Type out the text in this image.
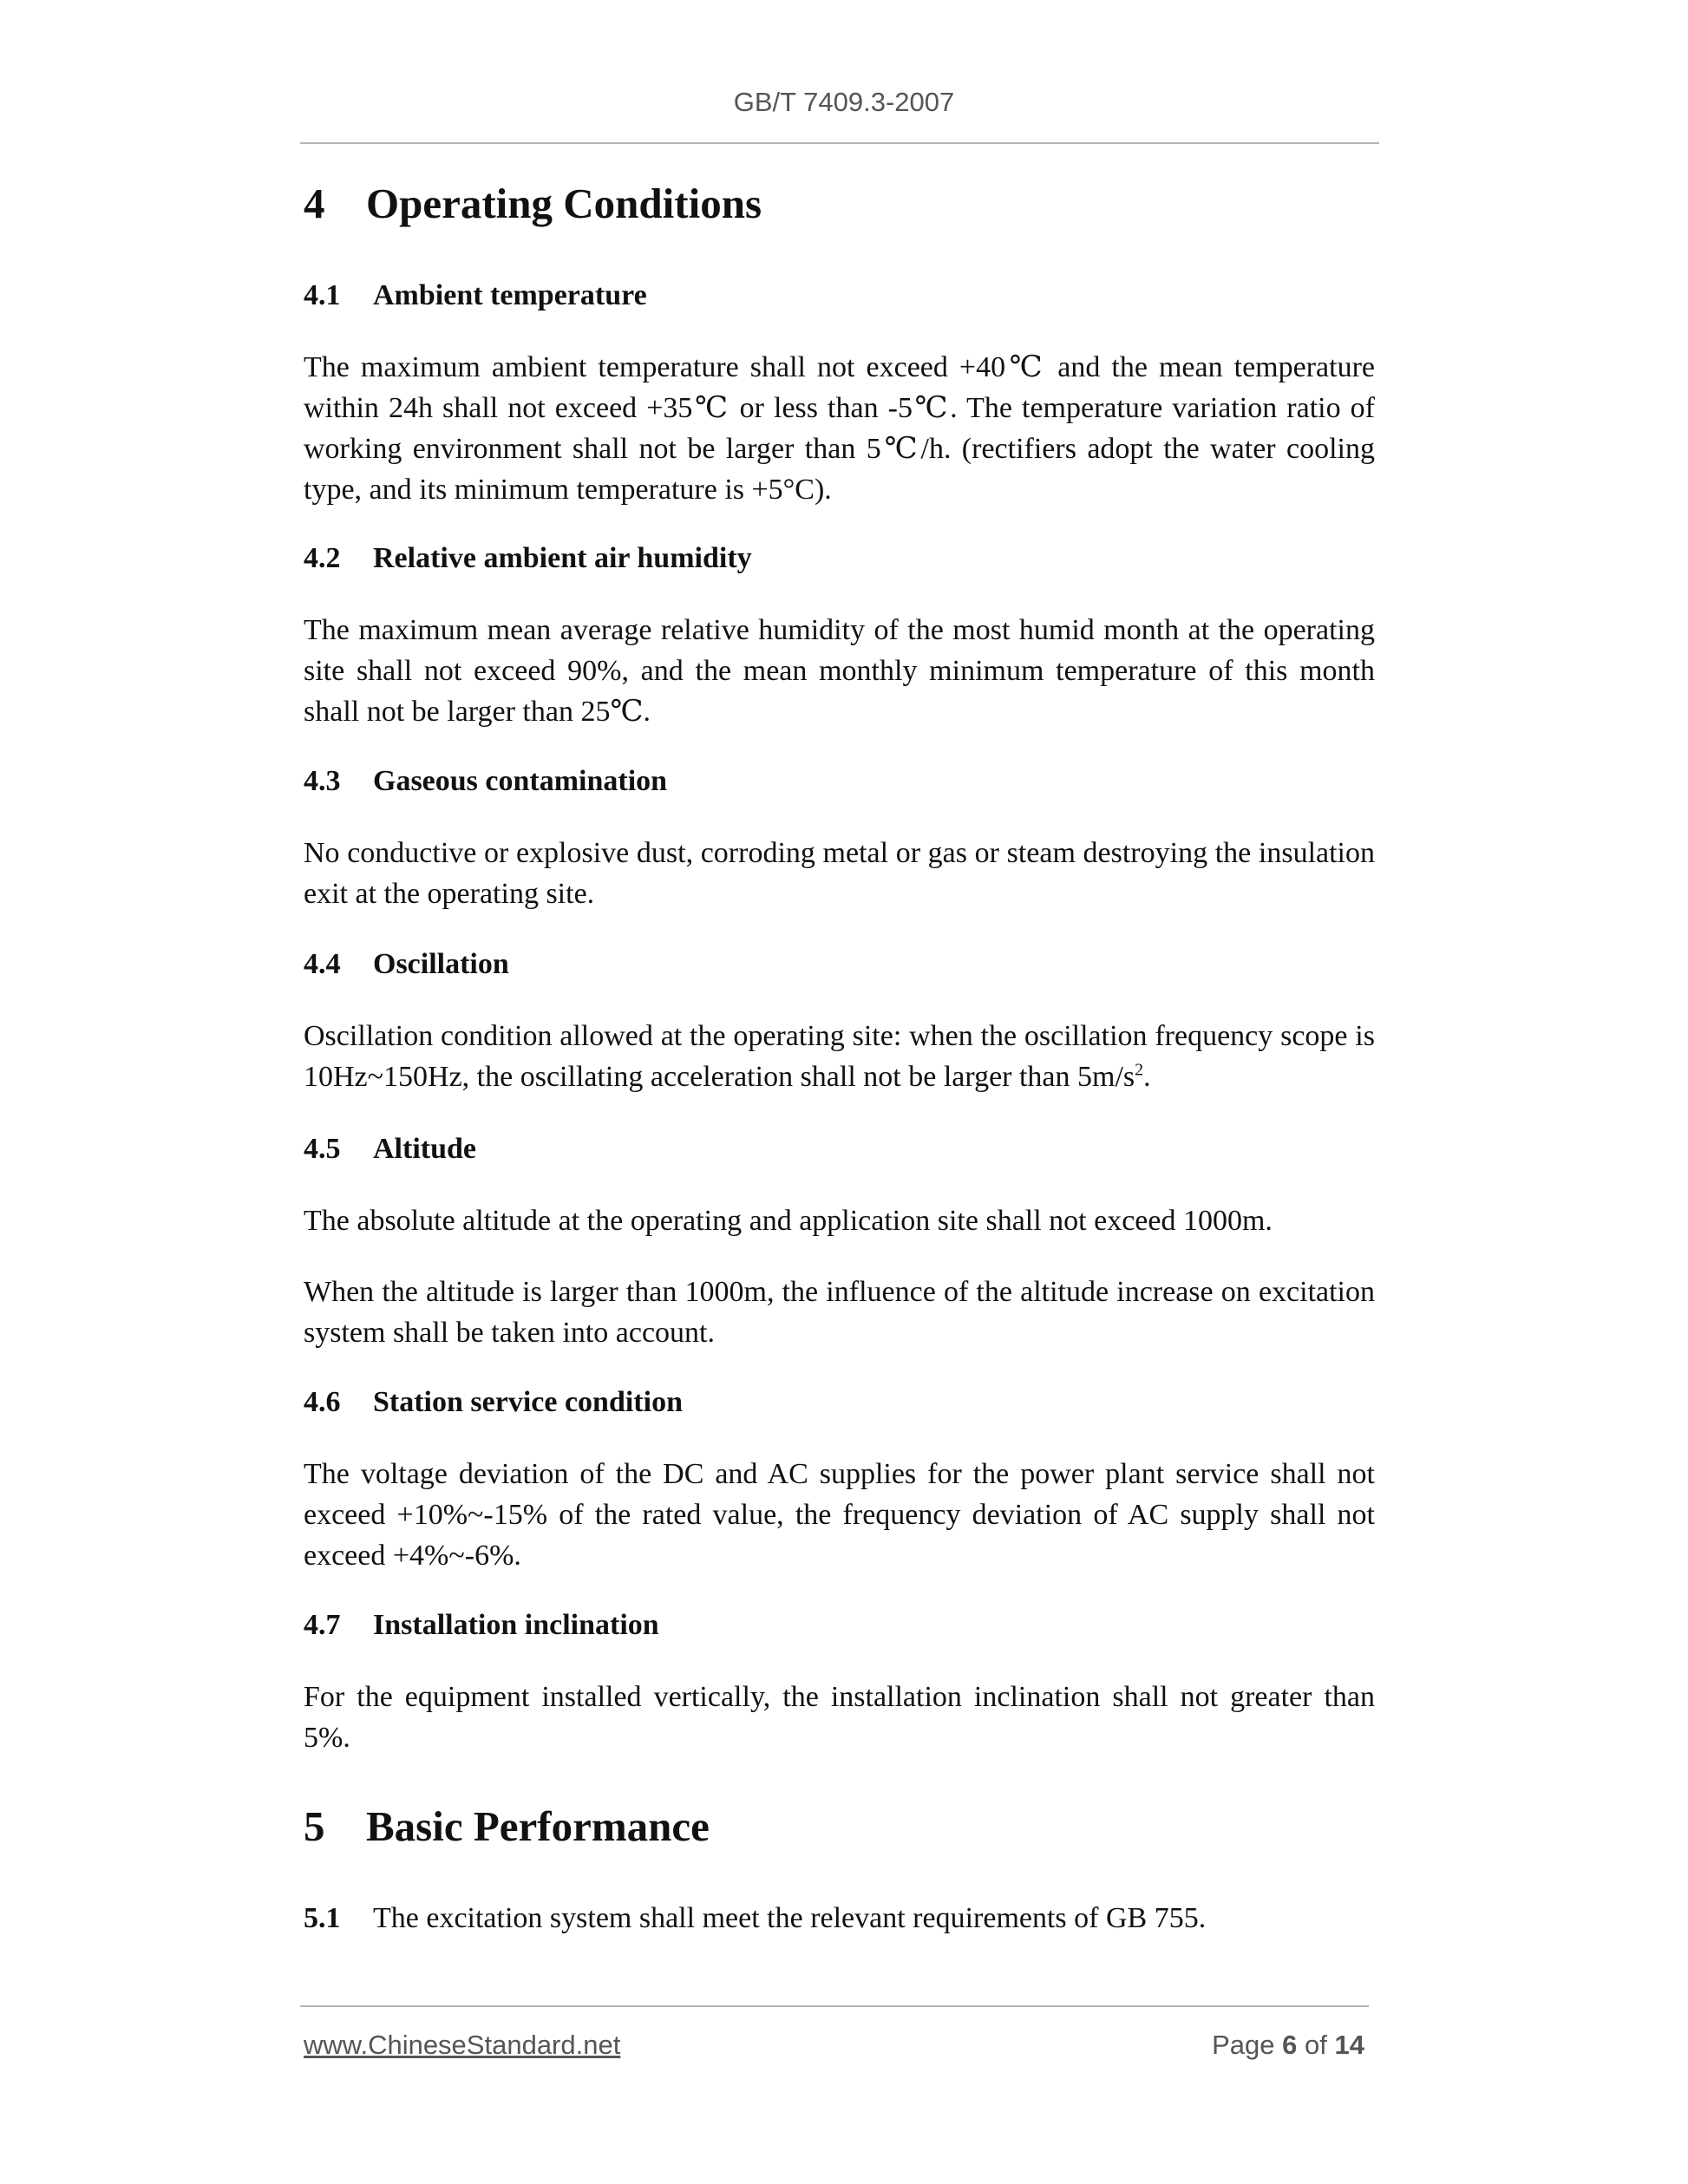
GB/T 7409.3-2007
4 Operating Conditions
4.1 Ambient temperature
The maximum ambient temperature shall not exceed +40℃ and the mean temperature within 24h shall not exceed +35℃ or less than -5℃. The temperature variation ratio of working environment shall not be larger than 5℃/h. (rectifiers adopt the water cooling type, and its minimum temperature is +5°C).
4.2 Relative ambient air humidity
The maximum mean average relative humidity of the most humid month at the operating site shall not exceed 90%, and the mean monthly minimum temperature of this month shall not be larger than 25℃.
4.3 Gaseous contamination
No conductive or explosive dust, corroding metal or gas or steam destroying the insulation exit at the operating site.
4.4 Oscillation
Oscillation condition allowed at the operating site: when the oscillation frequency scope is 10Hz~150Hz, the oscillating acceleration shall not be larger than $5m/s^2$.
4.5 Altitude
The absolute altitude at the operating and application site shall not exceed 1000m.
When the altitude is larger than 1000m, the influence of the altitude increase on excitation system shall be taken into account.
4.6 Station service condition
The voltage deviation of the DC and AC supplies for the power plant service shall not exceed +10%~-15% of the rated value, the frequency deviation of AC supply shall not exceed +4%~-6%.
4.7 Installation inclination
For the equipment installed vertically, the installation inclination shall not greater than 5%.
5 Basic Performance
5.1 The excitation system shall meet the relevant requirements of GB 755.
www.ChineseStandard.net	Page 6 of 14
